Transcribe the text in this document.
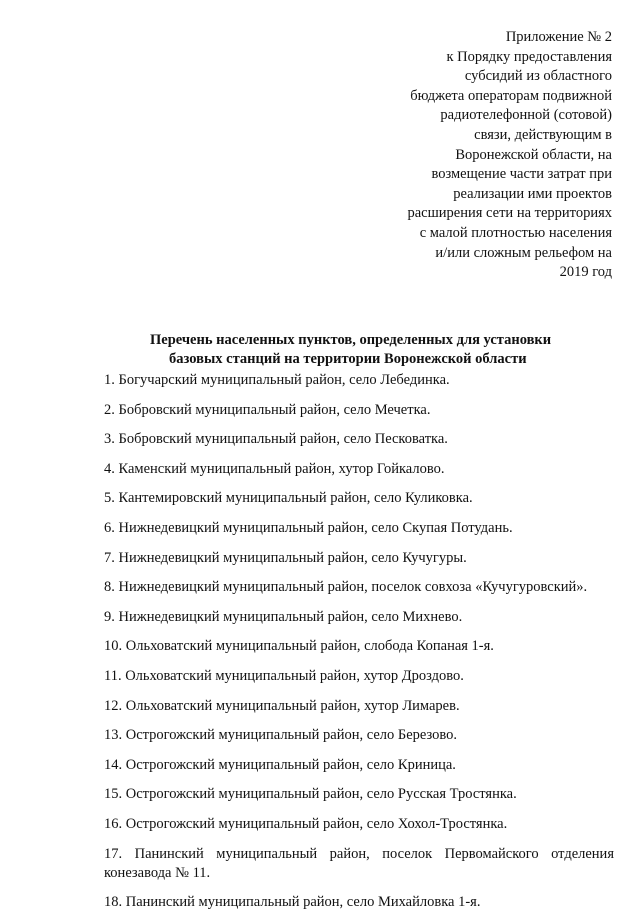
Приложение № 2
к Порядку предоставления
субсидий из областного
бюджета операторам подвижной
радиотелефонной (сотовой)
связи, действующим в
Воронежской области, на
возмещение части затрат при
реализации ими проектов
расширения сети на территориях
с малой плотностью населения
и/или сложным рельефом на
2019 год
Перечень населенных пунктов, определенных для установки
базовых станций на территории Воронежской области
1. Богучарский муниципальный район, село Лебединка.
2. Бобровский муниципальный район, село Мечетка.
3. Бобровский муниципальный район, село Песковатка.
4. Каменский муниципальный район, хутор Гойкалово.
5. Кантемировский муниципальный район, село Куликовка.
6. Нижнедевицкий муниципальный район, село Скупая Потудань.
7. Нижнедевицкий муниципальный район, село Кучугуры.
8. Нижнедевицкий муниципальный район, поселок совхоза «Кучугуровский».
9. Нижнедевицкий муниципальный район, село Михнево.
10. Ольховатский муниципальный район, слобода Копаная 1-я.
11. Ольховатский муниципальный район, хутор Дроздово.
12. Ольховатский муниципальный район, хутор Лимарев.
13. Острогожский муниципальный район, село Березово.
14. Острогожский муниципальный район, село Криница.
15. Острогожский муниципальный район, село Русская Тростянка.
16. Острогожский муниципальный район, село Хохол-Тростянка.
17. Панинский муниципальный район, поселок Первомайского отделения конезавода № 11.
18. Панинский муниципальный район, село Михайловка 1-я.
